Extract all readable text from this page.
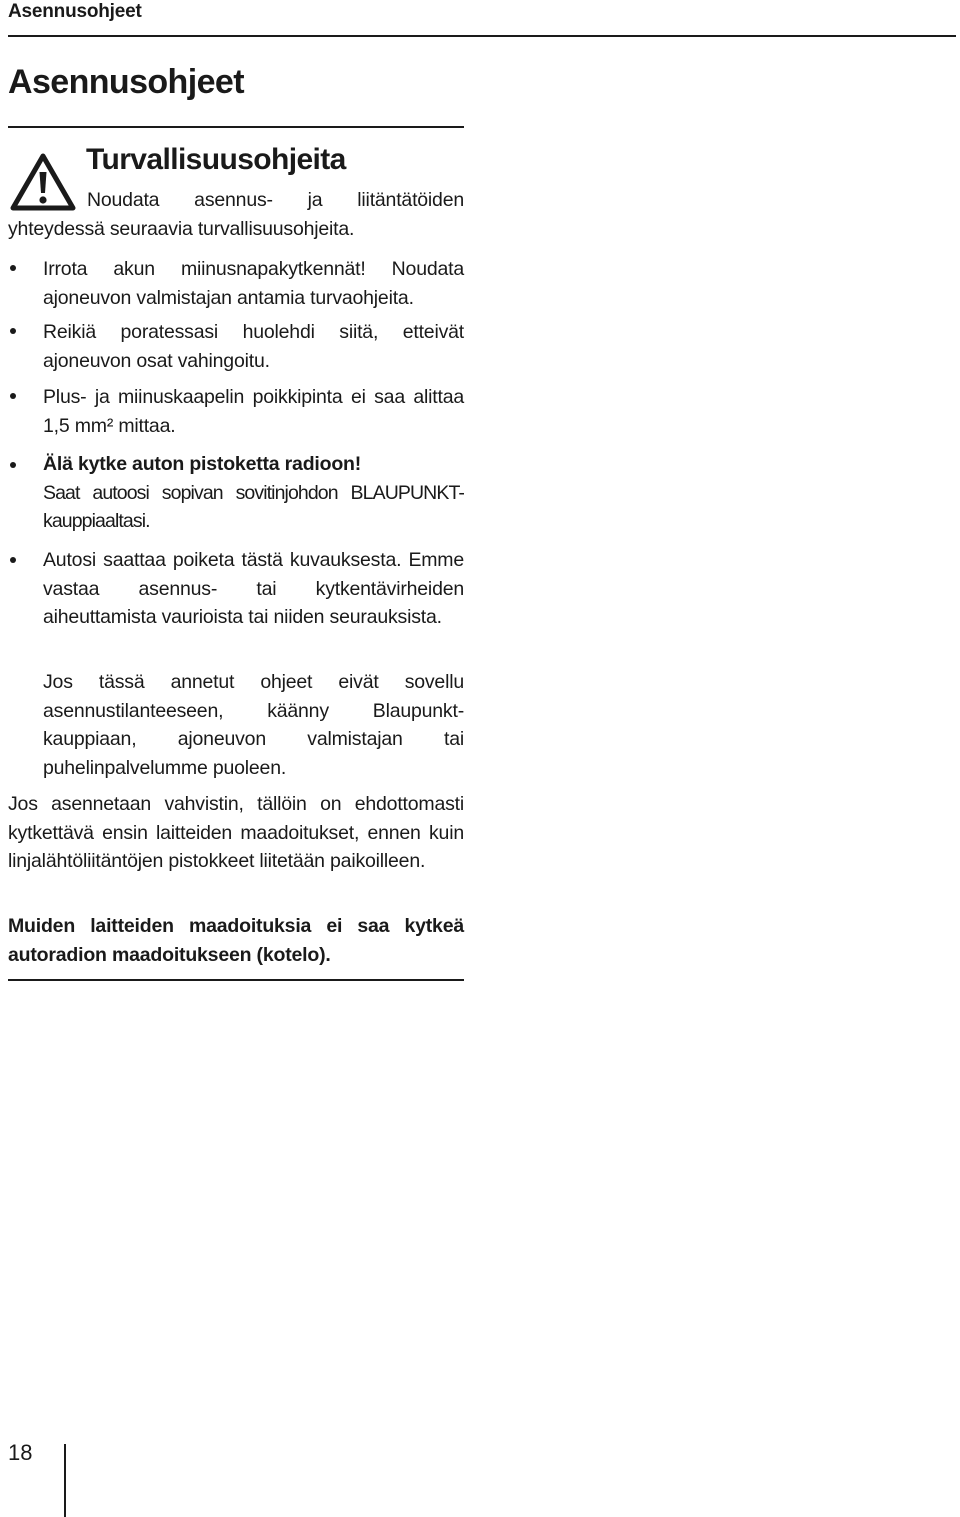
Asennusohjeet
Asennusohjeet
Turvallisuusohjeita

Noudata asennus- ja liitäntätöiden yhteydessä seuraavia turvallisuusohjeita.

Irrota akun miinusnapakytkennät! Noudata ajoneuvon valmistajan antamia turvaohjeita.

Reikiä poratessasi huolehdi siitä, etteivät ajoneuvon osat vahingoitu.

Plus- ja miinuskaapelin poikkipinta ei saa alittaa 1,5 mm² mittaa.

Älä kytke auton pistoketta radioon!
Saat autoosi sopivan sovitinjohdon BLAUPUNKT-kauppiaaltasi.

Autosi saattaa poiketa tästä kuvauksesta. Emme vastaa asennus- tai kytkentävirheiden aiheuttamista vaurioista tai niiden seurauksista.

Jos tässä annetut ohjeet eivät sovellu asennustilanteeseen, käänny Blaupunkt-kauppiaan, ajoneuvon valmistajan tai puhelinpalvelumme puoleen.

Jos asennetaan vahvistin, tällöin on ehdottomasti kytkettävä ensin laitteiden maadoitukset, ennen kuin linjalähtöliitäntöjen pistokkeet liitetään paikoilleen.

Muiden laitteiden maadoituksia ei saa kytkeä autoradion maadoitukseen (kotelo).

18
